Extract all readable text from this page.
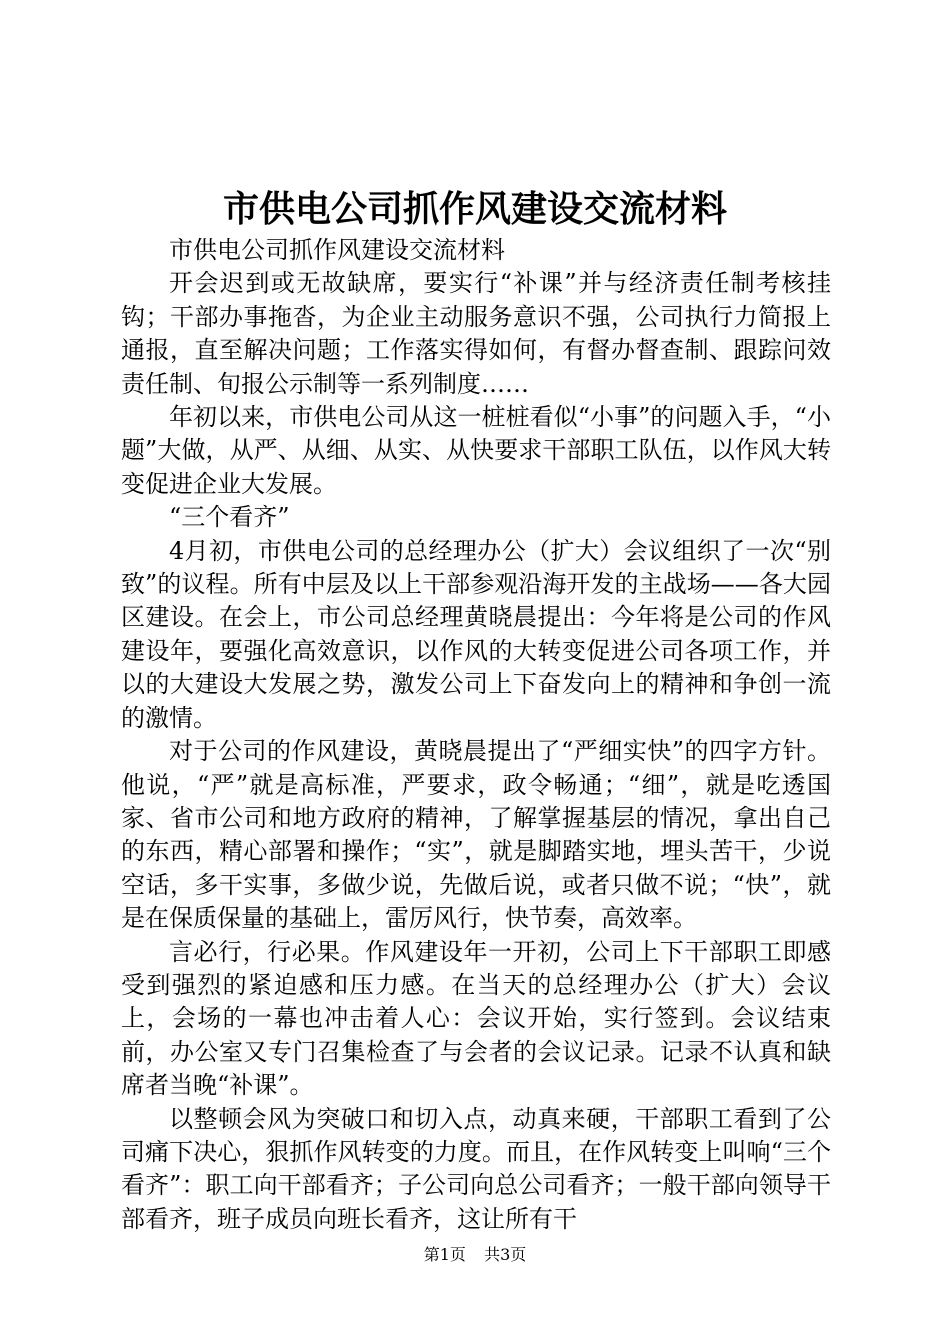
市供电公司抓作风建设交流材料

市供电公司抓作风建设交流材料

开会迟到或无故缺席，要实行“补课”并与经济责任制考核挂钩；干部办事拖沓，为企业主动服务意识不强，公司执行力简报上通报，直至解决问题；工作落实得如何，有督办督查制、跟踪问效责任制、旬报公示制等一系列制度……

年初以来，市供电公司从这一桩桩看似“小事”的问题入手，“小题”大做，从严、从细、从实、从快要求干部职工队伍，以作风大转变促进企业大发展。

“三个看齐”

4月初，市供电公司的总经理办公（扩大）会议组织了一次“别致”的议程。所有中层及以上干部参观沿海开发的主战场——各大园区建设。在会上，市公司总经理黄晓晨提出：今年将是公司的作风建设年，要强化高效意识，以作风的大转变促进公司各项工作，并以的大建设大发展之势，激发公司上下奋发向上的精神和争创一流的激情。

对于公司的作风建设，黄晓晨提出了“严细实快”的四字方针。他说，“严”就是高标准，严要求，政令畅通；“细”，就是吃透国家、省市公司和地方政府的精神，了解掌握基层的情况，拿出自己的东西，精心部署和操作；“实”，就是脚踏实地，埋头苦干，少说空话，多干实事，多做少说，先做后说，或者只做不说；“快”，就是在保质保量的基础上，雷厉风行，快节奏，高效率。

言必行，行必果。作风建设年一开初，公司上下干部职工即感受到强烈的紧迫感和压力感。在当天的总经理办公（扩大）会议上，会场的一幕也冲击着人心：会议开始，实行签到。会议结束前，办公室又专门召集检查了与会者的会议记录。记录不认真和缺席者当晚“补课”。

以整顿会风为突破口和切入点，动真来硬，干部职工看到了公司痛下决心，狠抓作风转变的力度。而且，在作风转变上叫响“三个看齐”：职工向干部看齐；子公司向总公司看齐；一般干部向领导干部看齐，班子成员向班长看齐，这让所有干

第1页 共3页
